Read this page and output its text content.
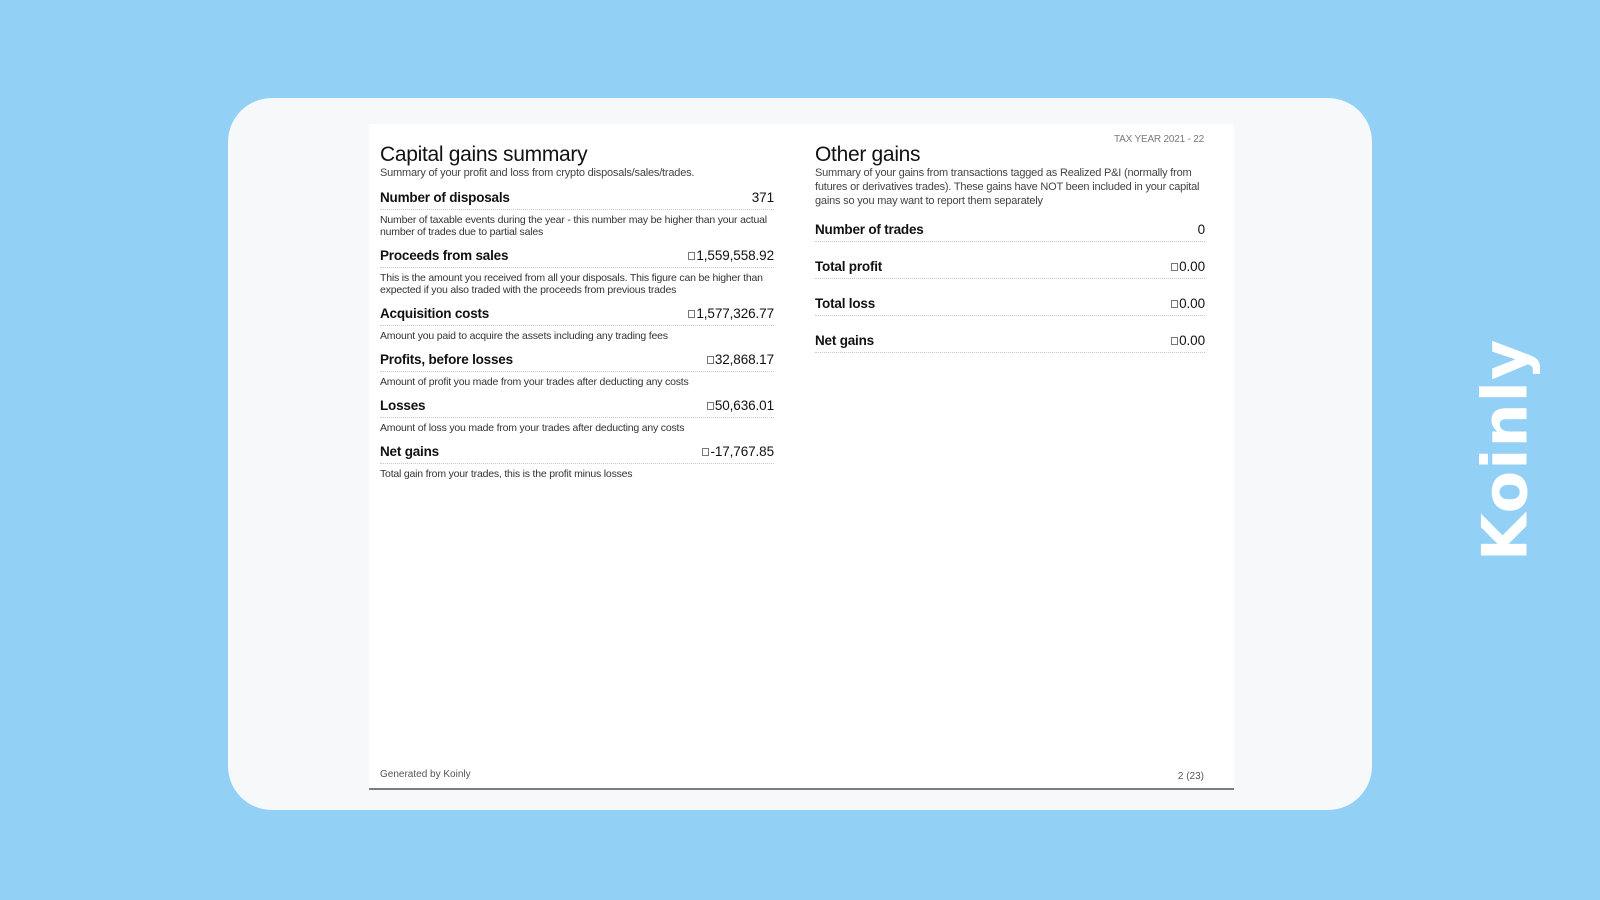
TAX YEAR 2021 - 22
Capital gains summary
Summary of your profit and loss from crypto disposals/sales/trades.
Number of disposals	371
Number of taxable events during the year - this number may be higher than your actual number of trades due to partial sales
Proceeds from sales	1,559,558.92
This is the amount you received from all your disposals. This figure can be higher than expected if you also traded with the proceeds from previous trades
Acquisition costs	1,577,326.77
Amount you paid to acquire the assets including any trading fees
Profits, before losses	32,868.17
Amount of profit you made from your trades after deducting any costs
Losses	50,636.01
Amount of loss you made from your trades after deducting any costs
Net gains	-17,767.85
Total gain from your trades, this is the profit minus losses
Other gains
Summary of your gains from transactions tagged as Realized P&I (normally from futures or derivatives trades). These gains have NOT been included in your capital gains so you may want to report them separately
Number of trades	0
Total profit	0.00
Total loss	0.00
Net gains	0.00
Generated by Koinly	2 (23)
Koinly
